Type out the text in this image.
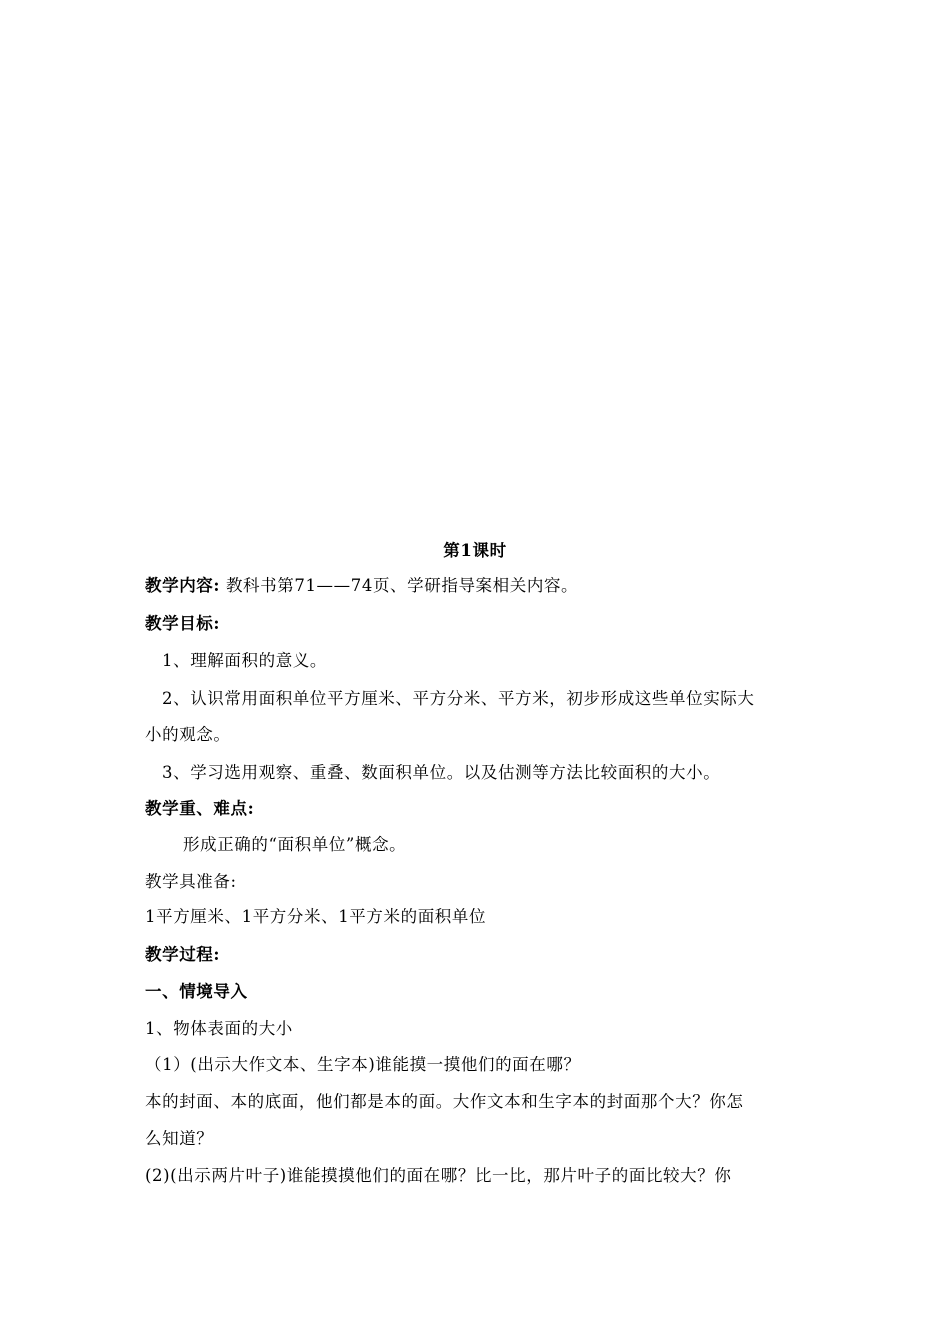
第1课时
教学内容: 教科书第71——74页、学研指导案相关内容。
教学目标:
1、理解面积的意义。
2、认识常用面积单位平方厘米、平方分米、平方米，初步形成这些单位实际大
小的观念。
3、学习选用观察、重叠、数面积单位。以及估测等方法比较面积的大小。
教学重、难点:
形成正确的“面积单位”概念。
教学具准备:
1平方厘米、1平方分米、1平方米的面积单位
教学过程:
一、情境导入
1、物体表面的大小
（1）(出示大作文本、生字本)谁能摸一摸他们的面在哪？
本的封面、本的底面，他们都是本的面。大作文本和生字本的封面那个大？你怎
么知道？
(2)(出示两片叶子)谁能摸摸他们的面在哪？比一比，那片叶子的面比较大？你
